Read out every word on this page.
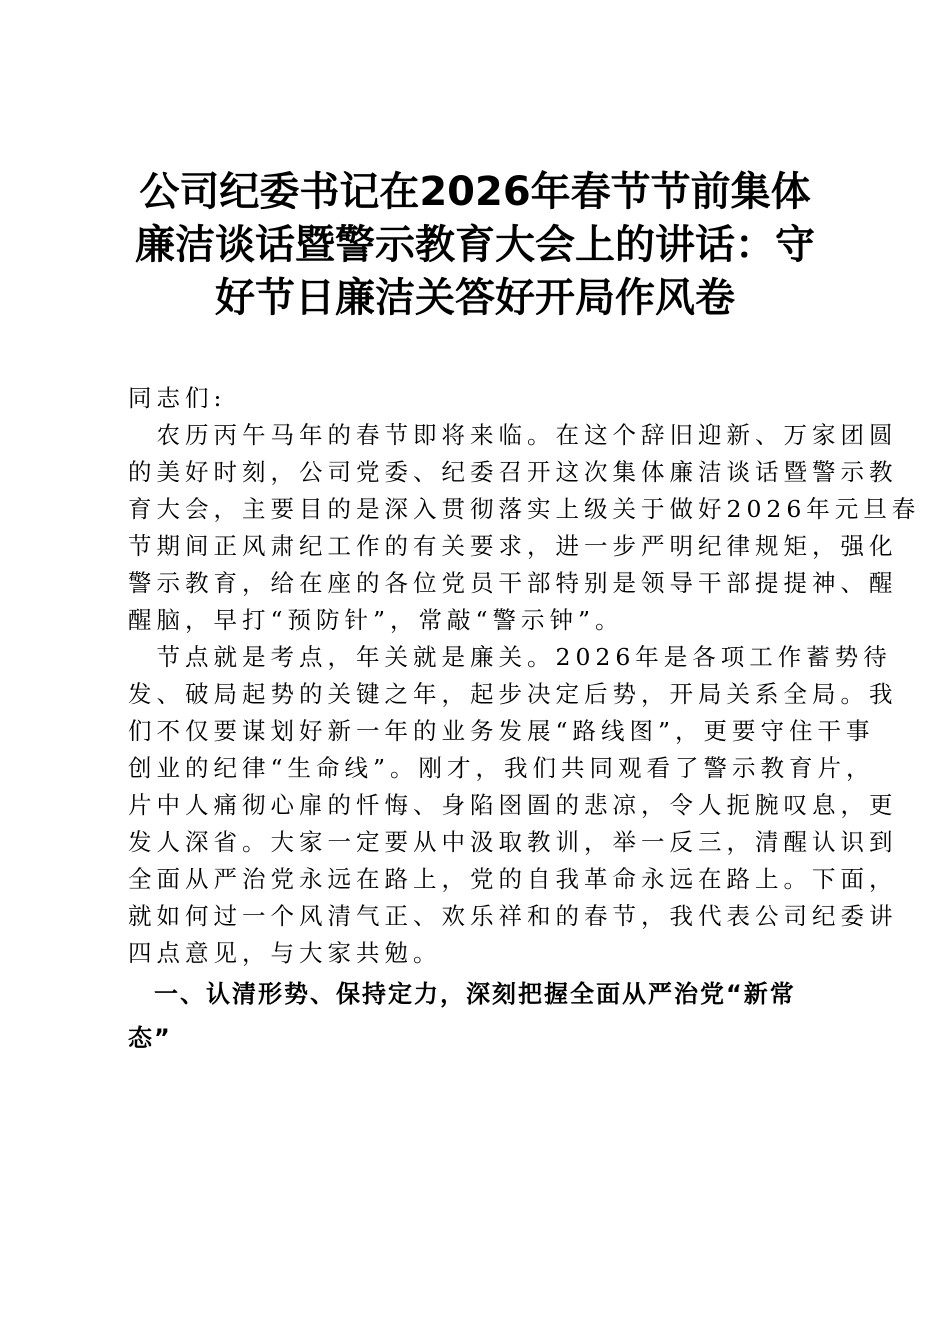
公司纪委书记在2026年春节节前集体
廉洁谈话暨警示教育大会上的讲话：守
好节日廉洁关答好开局作风卷
同志们:
　农历丙午马年的春节即将来临。在这个辞旧迎新、万家团圆
的美好时刻，公司党委、纪委召开这次集体廉洁谈话暨警示教
育大会，主要目的是深入贯彻落实上级关于做好2026年元旦春
节期间正风肃纪工作的有关要求，进一步严明纪律规矩，强化
警示教育，给在座的各位党员干部特别是领导干部提提神、醒
醒脑，早打“预防针”，常敲“警示钟”。
　节点就是考点，年关就是廉关。2026年是各项工作蓄势待
发、破局起势的关键之年，起步决定后势，开局关系全局。我
们不仅要谋划好新一年的业务发展“路线图”，更要守住干事
创业的纪律“生命线”。刚才，我们共同观看了警示教育片，
片中人痛彻心扉的忏悔、身陷囹圄的悲凉，令人扼腕叹息，更
发人深省。大家一定要从中汲取教训，举一反三，清醒认识到
全面从严治党永远在路上，党的自我革命永远在路上。下面，
就如何过一个风清气正、欢乐祥和的春节，我代表公司纪委讲
四点意见，与大家共勉。
　一、认清形势、保持定力，深刻把握全面从严治党“新常
态”
